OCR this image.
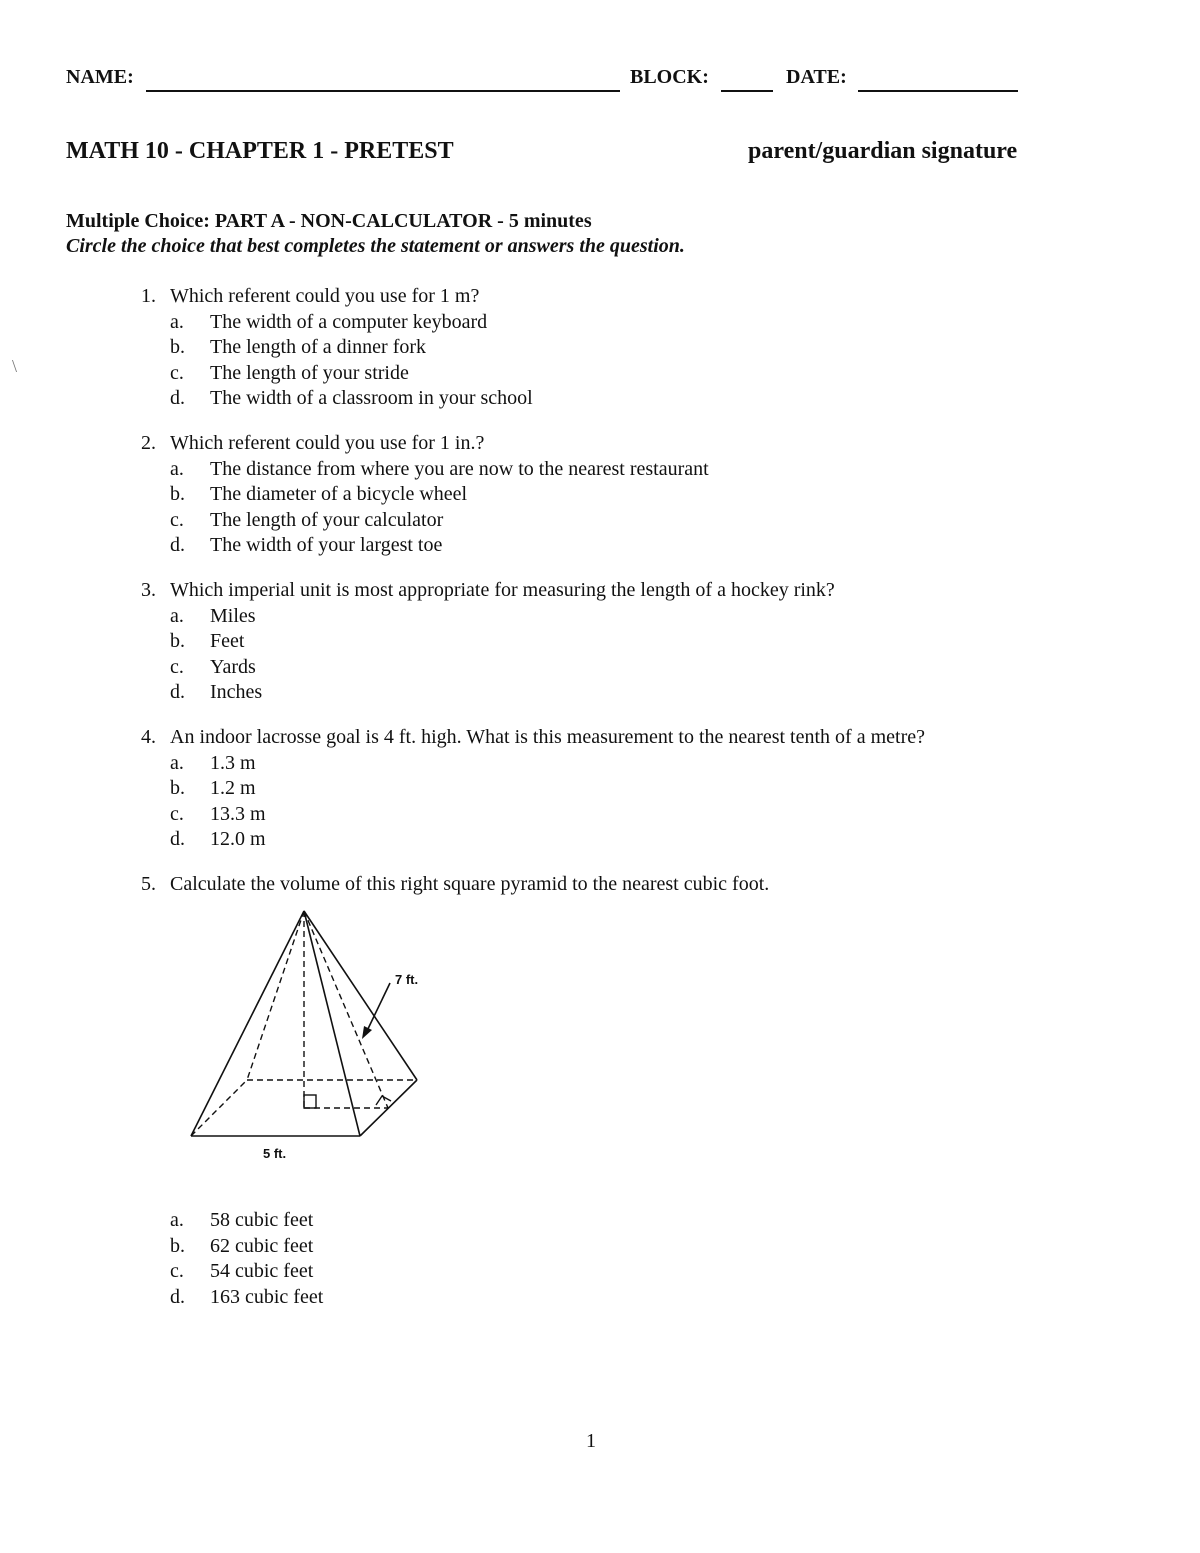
NAME:	BLOCK:	DATE:
MATH 10 - CHAPTER 1 - PRETEST	parent/guardian signature
Multiple Choice: PART A - NON-CALCULATOR - 5 minutes
Circle the choice that best completes the statement or answers the question.
1. Which referent could you use for 1 m?
a.	The width of a computer keyboard
b.	The length of a dinner fork
c.	The length of your stride
d.	The width of a classroom in your school
2. Which referent could you use for 1 in.?
a.	The distance from where you are now to the nearest restaurant
b.	The diameter of a bicycle wheel
c.	The length of your calculator
d.	The width of your largest toe
3. Which imperial unit is most appropriate for measuring the length of a hockey rink?
a.	Miles
b.	Feet
c.	Yards
d.	Inches
4. An indoor lacrosse goal is 4 ft. high. What is this measurement to the nearest tenth of a metre?
a.	1.3 m
b.	1.2 m
c.	13.3 m
d.	12.0 m
5. Calculate the volume of this right square pyramid to the nearest cubic foot.
7 ft.
5 ft.
a.	58 cubic feet
b.	62 cubic feet
c.	54 cubic feet
d.	163 cubic feet
1
\
